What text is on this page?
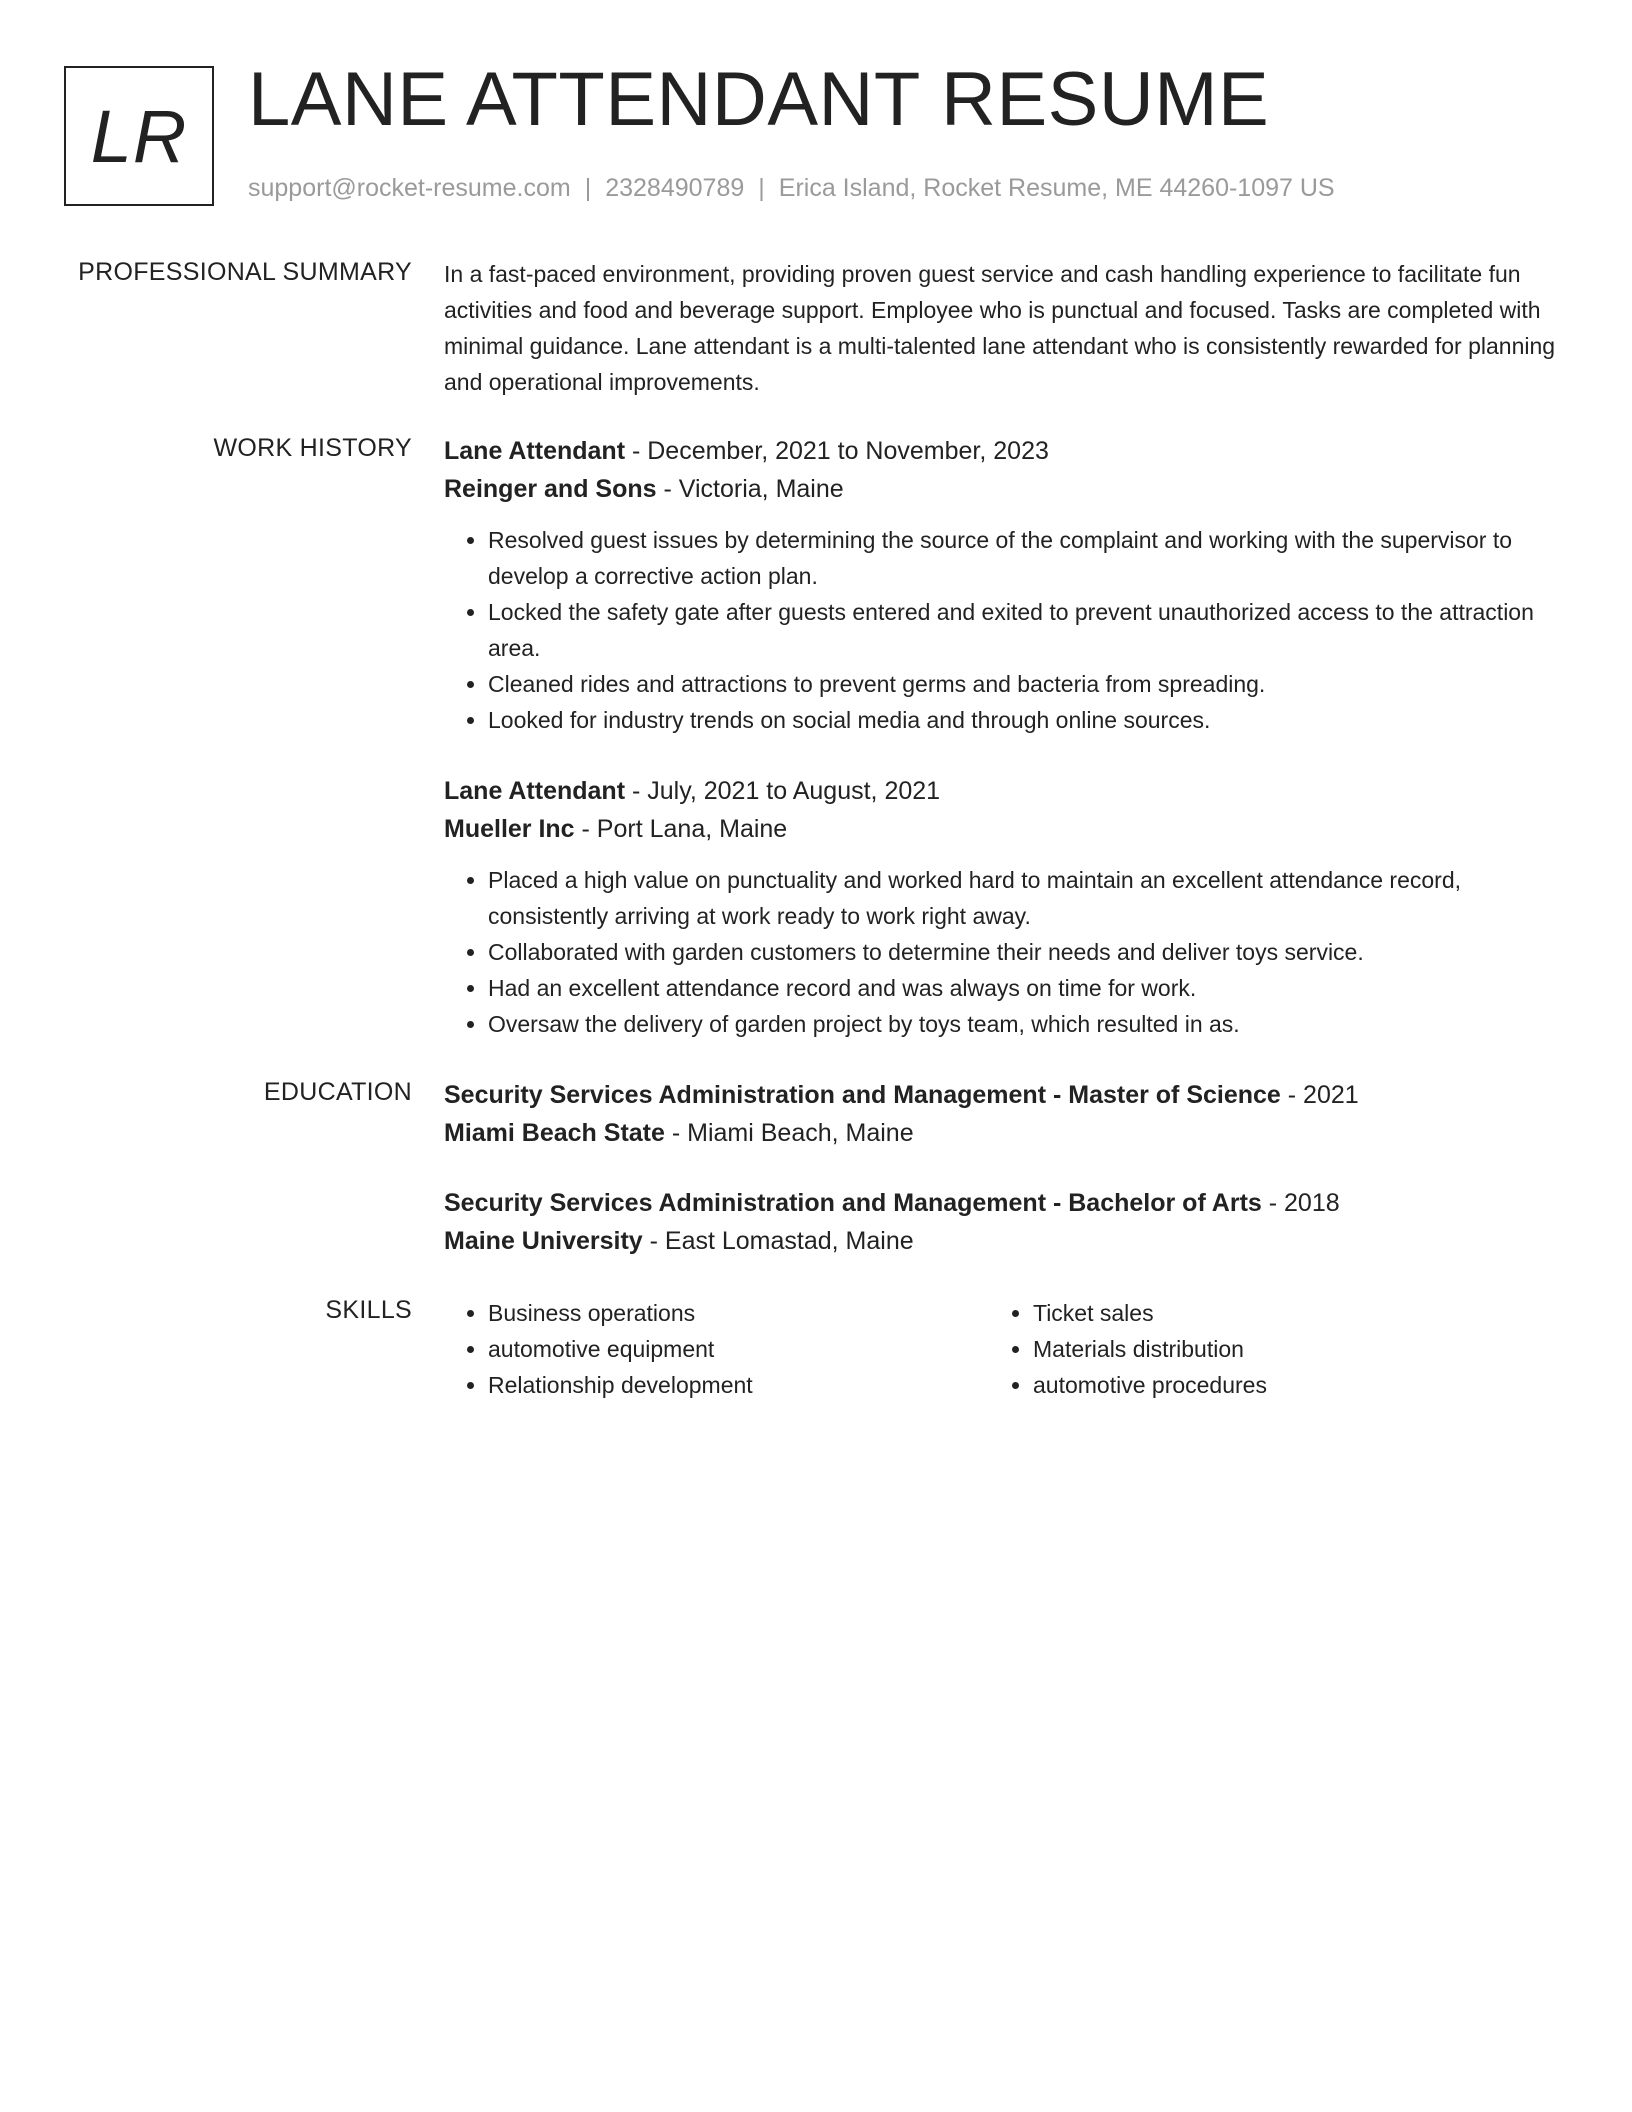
LR LANE ATTENDANT RESUME
support@rocket-resume.com | 2328490789 | Erica Island, Rocket Resume, ME 44260-1097 US
PROFESSIONAL SUMMARY In a fast-paced environment, providing proven guest service and cash handling experience to facilitate fun activities and food and beverage support. Employee who is punctual and focused. Tasks are completed with minimal guidance. Lane attendant is a multi-talented lane attendant who is consistently rewarded for planning and operational improvements.

WORK HISTORY Lane Attendant - December, 2021 to November, 2023
Reinger and Sons - Victoria, Maine
• Resolved guest issues by determining the source of the complaint and working with the supervisor to develop a corrective action plan.
• Locked the safety gate after guests entered and exited to prevent unauthorized access to the attraction area.
• Cleaned rides and attractions to prevent germs and bacteria from spreading.
• Looked for industry trends on social media and through online sources.
Lane Attendant - July, 2021 to August, 2021
Mueller Inc - Port Lana, Maine
• Placed a high value on punctuality and worked hard to maintain an excellent attendance record, consistently arriving at work ready to work right away.
• Collaborated with garden customers to determine their needs and deliver toys service.
• Had an excellent attendance record and was always on time for work.
• Oversaw the delivery of garden project by toys team, which resulted in as.
EDUCATION Security Services Administration and Management - Master of Science - 2021
Miami Beach State - Miami Beach, Maine
Security Services Administration and Management - Bachelor of Arts - 2018
Maine University - East Lomastad, Maine
SKILLS
•	Business operations
• automotive equipment
• Relationship development
• Ticket sales
• Materials distribution
• automotive procedures
